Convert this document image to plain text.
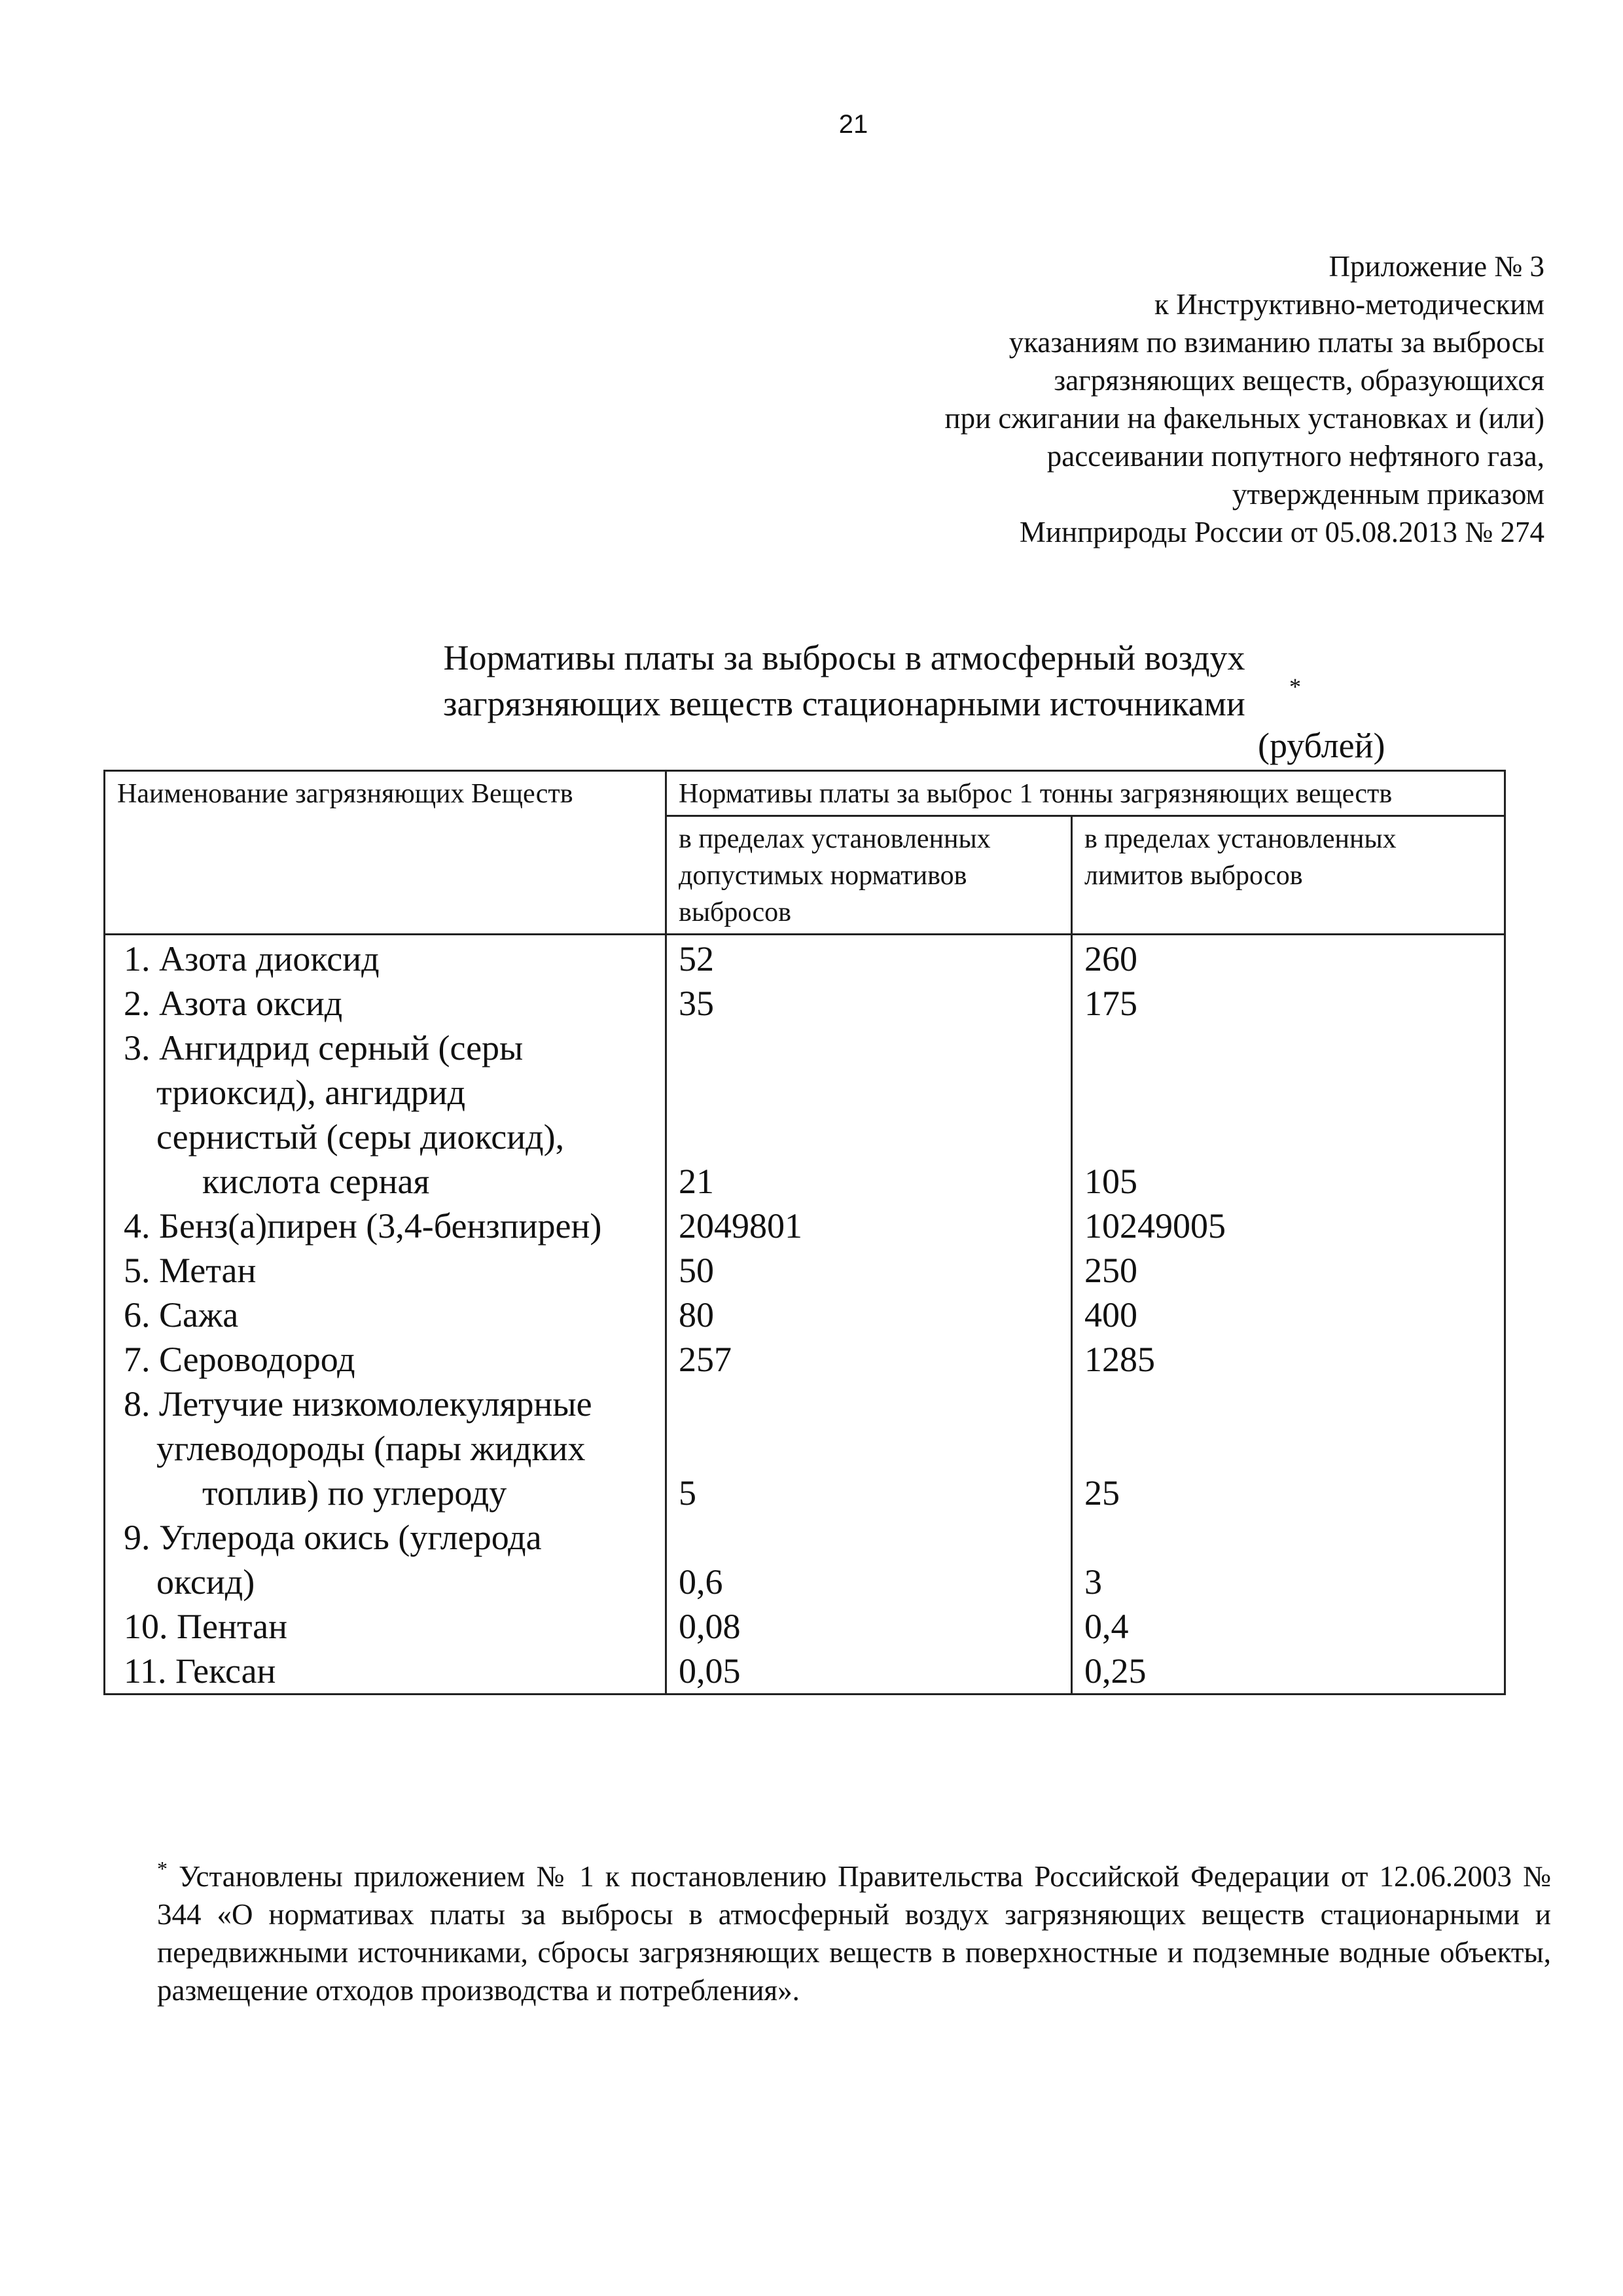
21
Приложение № 3
к Инструктивно-методическим
указаниям по взиманию платы за выбросы
загрязняющих веществ, образующихся
при сжигании на факельных установках и (или)
рассеивании попутного нефтяного газа,
утвержденным приказом
Минприроды России от 05.08.2013 № 274
Нормативы платы за выбросы в атмосферный воздух
загрязняющих веществ стационарными источниками	*
(рублей)
Наименование загрязняющих Веществ	Нормативы платы за выброс 1 тонны загрязняющих веществ	
	в пределах установленных допустимых нормативов выбросов	в пределах установленных лимитов выбросов

1. Азота диоксид	52	260

2. Азота оксид	35	175

3. Ангидрид серный (серы
триоксид), ангидрид
сернистый (серы диоксид),
кислота серная	21	105

4. Бенз(а)пирен (3,4-бензпирен)	2049801	10249005

5. Метан	50	250

6. Сажа	80	400

7. Сероводород	257	1285

8. Летучие низкомолекулярные
углеводороды (пары жидких
топлив) по углероду	5	25

9. Углерода окись (углерода
оксид)	0,6	3

10. Пентан	0,08	0,4

11. Гексан	0,05	0,25
* Установлены приложением № 1 к постановлению Правительства Российской Федерации от 12.06.2003 № 344 «О нормативах платы за выбросы в атмосферный воздух загрязняющих веществ стационарными и передвижными источниками, сбросы загрязняющих веществ в поверхностные и подземные водные объекты, размещение отходов производства и потребления».
